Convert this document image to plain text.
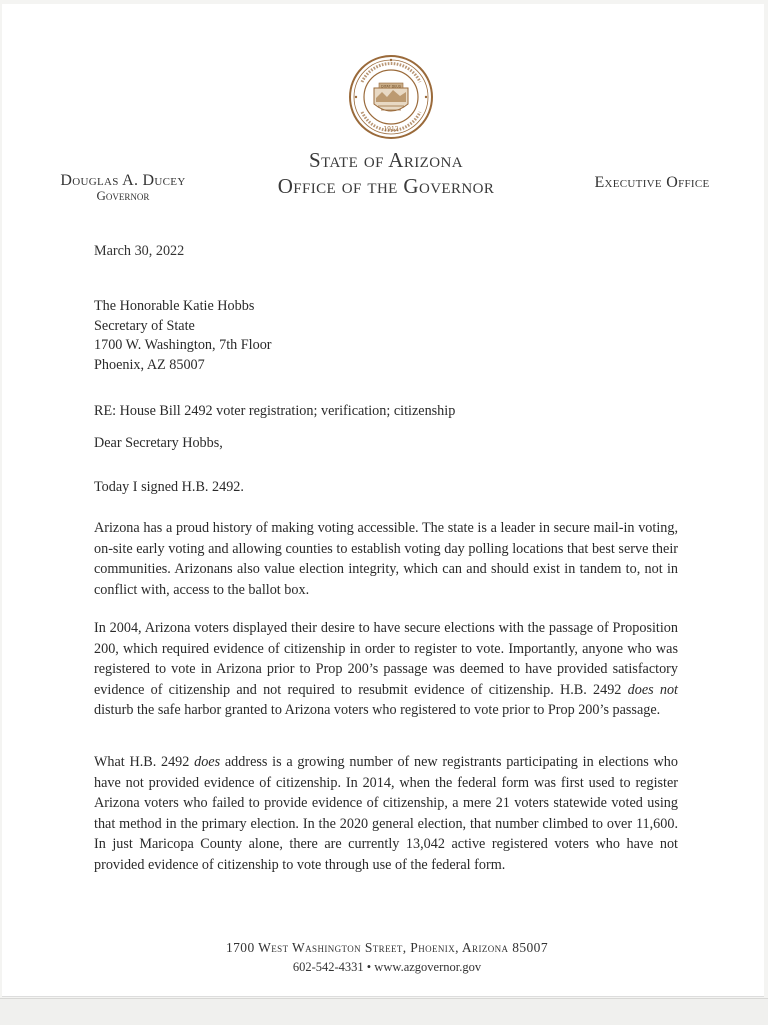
1912
DITAT DEUS
State of Arizona
Office of the Governor
Douglas A. Ducey
Governor
Executive Office
March 30, 2022
The Honorable Katie Hobbs
Secretary of State
1700 W. Washington, 7th Floor
Phoenix, AZ 85007
RE: House Bill 2492 voter registration; verification; citizenship
Dear Secretary Hobbs,
Today I signed H.B. 2492.
Arizona has a proud history of making voting accessible. The state is a leader in secure mail-in voting, on-site early voting and allowing counties to establish voting day polling locations that best serve their communities. Arizonans also value election integrity, which can and should exist in tandem to, not in conflict with, access to the ballot box.
In 2004, Arizona voters displayed their desire to have secure elections with the passage of Proposition 200, which required evidence of citizenship in order to register to vote. Importantly, anyone who was registered to vote in Arizona prior to Prop 200’s passage was deemed to have provided satisfactory evidence of citizenship and not required to resubmit evidence of citizenship. H.B. 2492 does not disturb the safe harbor granted to Arizona voters who registered to vote prior to Prop 200’s passage.
What H.B. 2492 does address is a growing number of new registrants participating in elections who have not provided evidence of citizenship. In 2014, when the federal form was first used to register Arizona voters who failed to provide evidence of citizenship, a mere 21 voters statewide voted using that method in the primary election. In the 2020 general election, that number climbed to over 11,600. In just Maricopa County alone, there are currently 13,042 active registered voters who have not provided evidence of citizenship to vote through use of the federal form.
1700 West Washington Street, Phoenix, Arizona 85007
602-542-4331 • www.azgovernor.gov
